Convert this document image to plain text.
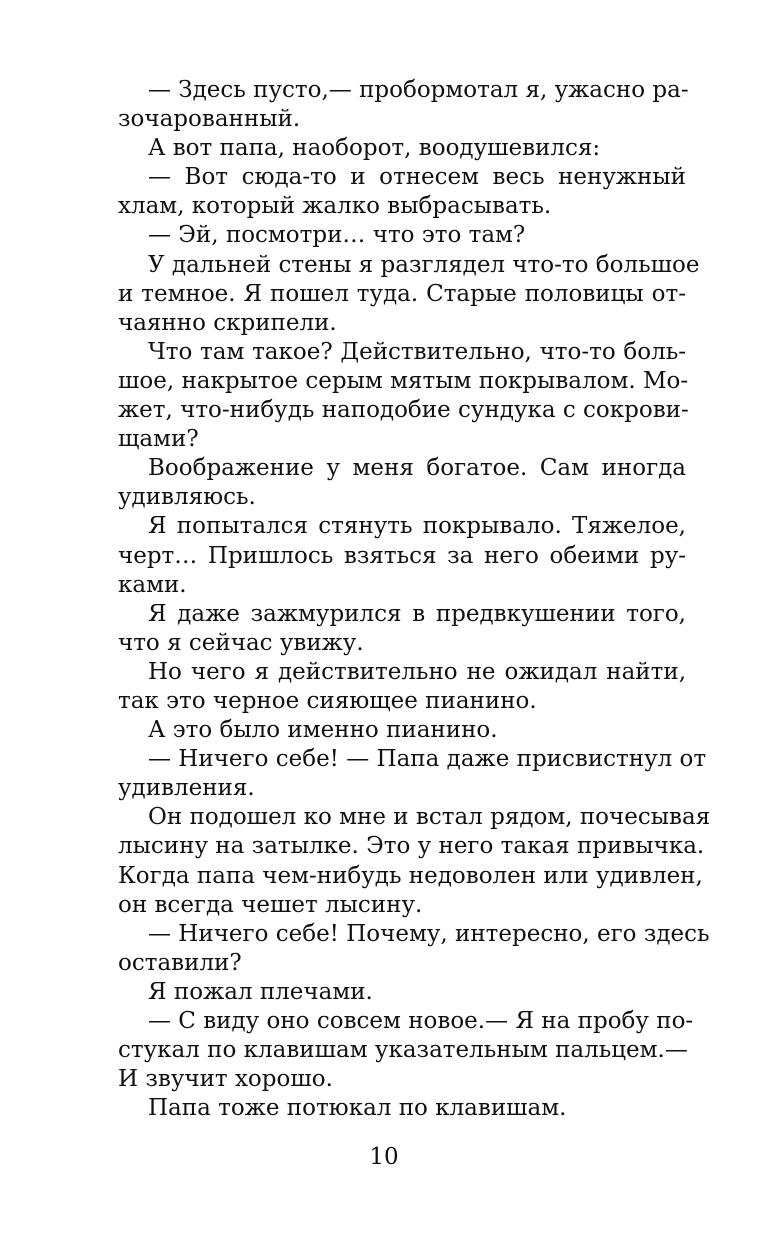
— Здесь пусто,— пробормотал я, ужасно ра-
зочарованный.
А вот папа, наоборот, воодушевился:
— Вот сюда-то и отнесем весь ненужный
хлам, который жалко выбрасывать.
— Эй, посмотри… что это там?
У дальней стены я разглядел что-то большое
и темное. Я пошел туда. Старые половицы от-
чаянно скрипели.
Что там такое? Действительно, что-то боль-
шое, накрытое серым мятым покрывалом. Мо-
жет, что-нибудь наподобие сундука с сокрови-
щами?
Воображение у меня богатое. Сам иногда
удивляюсь.
Я попытался стянуть покрывало. Тяжелое,
черт… Пришлось взяться за него обеими ру-
ками.
Я даже зажмурился в предвкушении того,
что я сейчас увижу.
Но чего я действительно не ожидал найти,
так это черное сияющее пианино.
А это было именно пианино.
— Ничего себе! — Папа даже присвистнул от
удивления.
Он подошел ко мне и встал рядом, почесывая
лысину на затылке. Это у него такая привычка.
Когда папа чем-нибудь недоволен или удивлен,
он всегда чешет лысину.
— Ничего себе! Почему, интересно, его здесь
оставили?
Я пожал плечами.
— С виду оно совсем новое.— Я на пробу по-
стукал по клавишам указательным пальцем.—
И звучит хорошо.
Папа тоже потюкал по клавишам.
10
